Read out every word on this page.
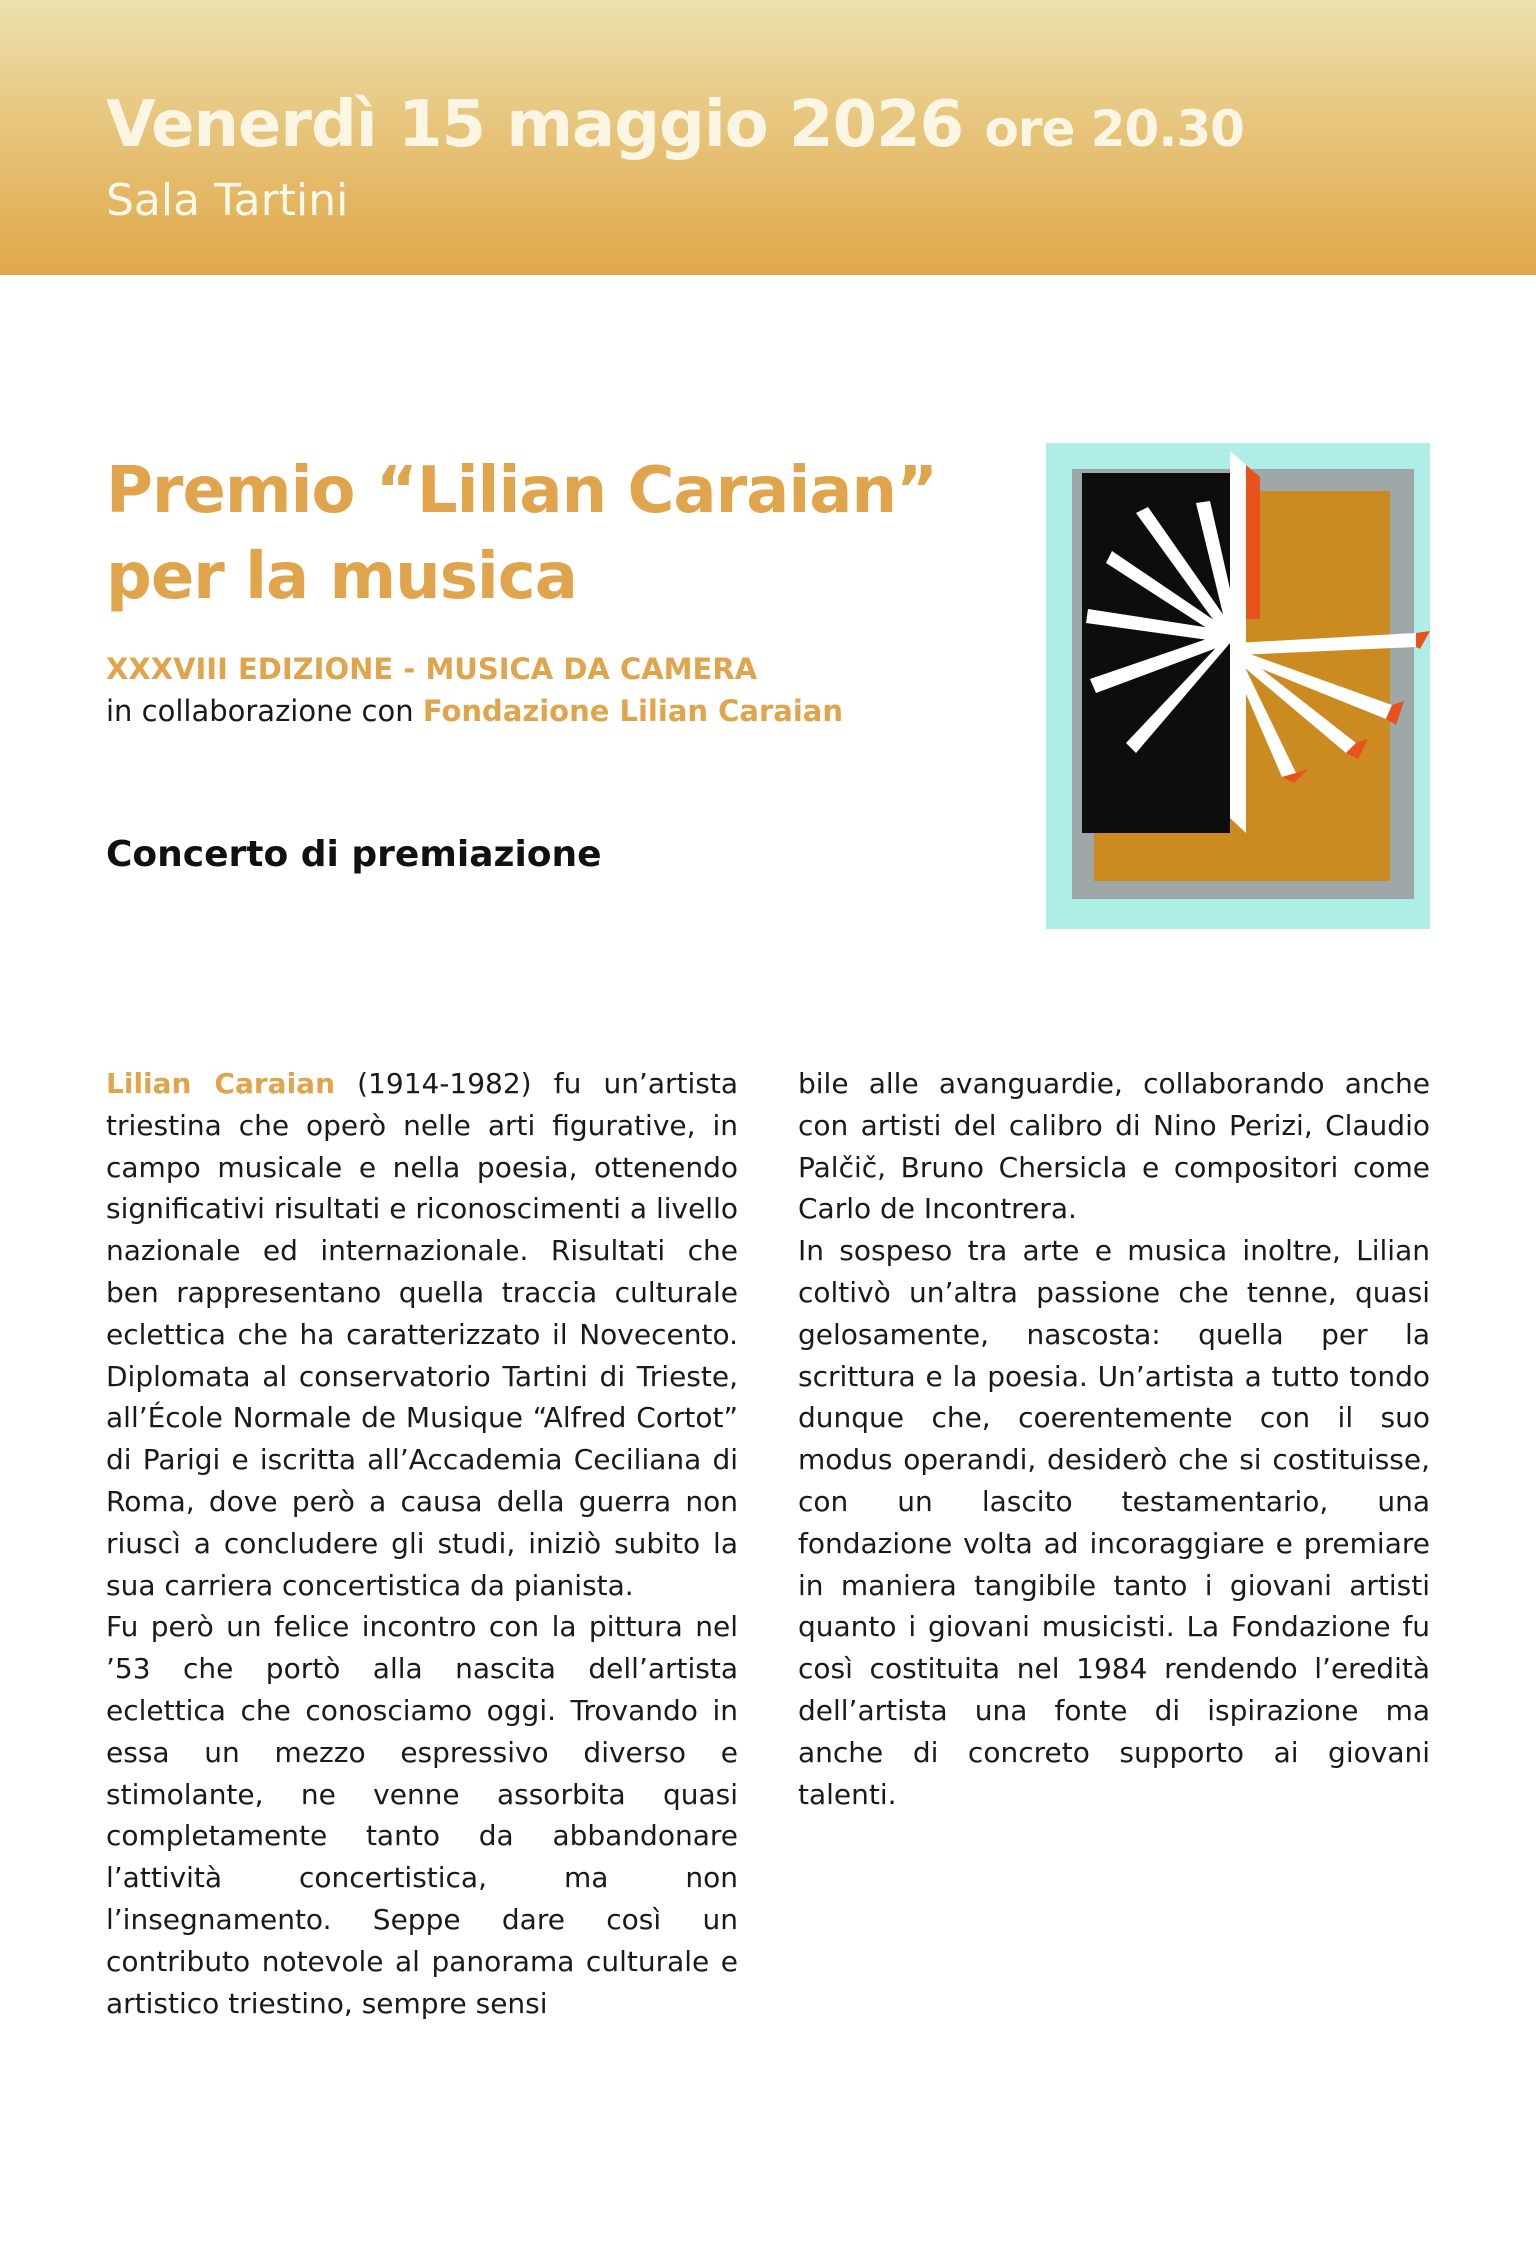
Venerdì 15 maggio 2026 ore 20.30

Sala Tartini

Premio “Lilian Caraian”
per la musica

XXXVIII EDIZIONE - MUSICA DA CAMERA

in collaborazione con Fondazione Lilian Caraian

Concerto di premiazione

Lilian Caraian (1914-1982) fu un’artista triestina che operò nelle arti figurative, in campo musicale e nella poesia, ottenendo significativi risultati e riconoscimenti a livello nazionale ed internazionale. Risultati che ben rappresentano quella traccia culturale eclettica che ha caratterizzato il Novecento. Diplomata al conservatorio Tartini di Trieste, all’École Normale de Musique “Alfred Cortot” di Parigi e iscritta all’Accademia Ceciliana di Roma, dove però a causa della guerra non riuscì a concludere gli studi, iniziò subito la sua carriera concertistica da pianista.

Fu però un felice incontro con la pittura nel ’53 che portò alla nascita dell’artista eclettica che conosciamo oggi. Trovando in essa un mezzo espressivo diverso e stimolante, ne venne assorbita quasi completamente tanto da abbandonare l’attività concertistica, ma non l’insegnamento. Seppe dare così un contributo notevole al panorama culturale e artistico triestino, sempre sensi

bile alle avanguardie, collaborando anche con artisti del calibro di Nino Perizi, Claudio Palčič, Bruno Chersicla e compositori come Carlo de Incontrera.

In sospeso tra arte e musica inoltre, Lilian coltivò un’altra passione che tenne, quasi gelosamente, nascosta: quella per la scrittura e la poesia. Un’artista a tutto tondo dunque che, coerentemente con il suo modus operandi, desiderò che si costituisse, con un lascito testamentario, una fondazione volta ad incoraggiare e premiare in maniera tangibile tanto i giovani artisti quanto i giovani musicisti. La Fondazione fu così costituita nel 1984 rendendo l’eredità dell’artista una fonte di ispirazione ma anche di concreto supporto ai giovani talenti.
